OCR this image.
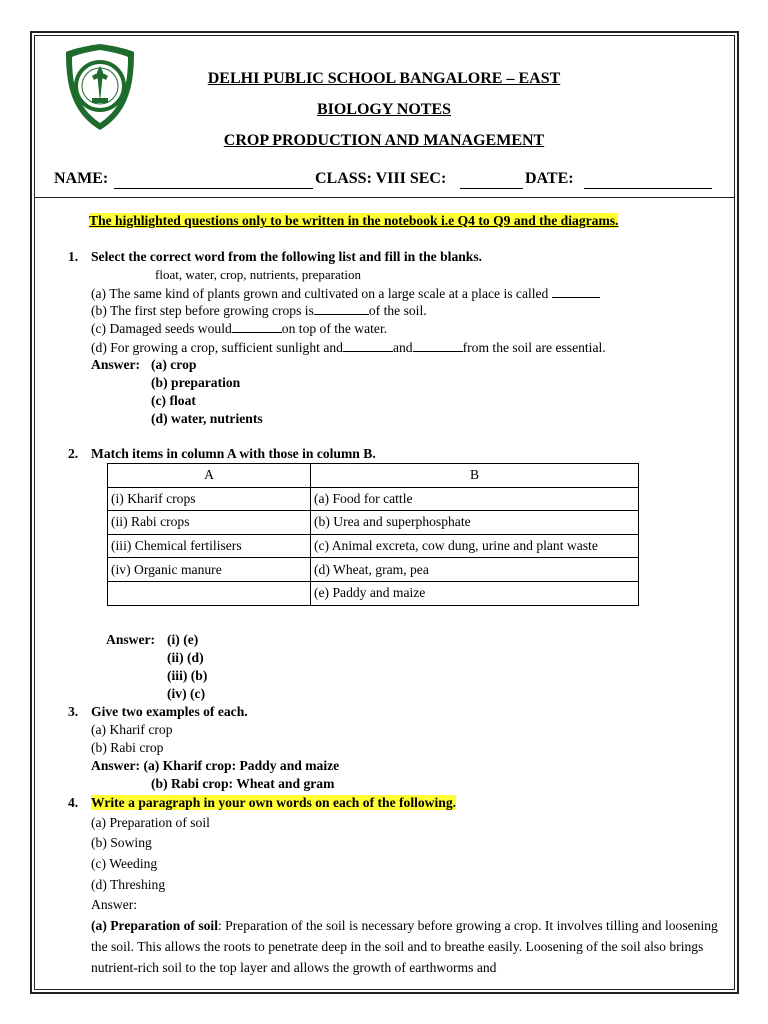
DELHI PUBLIC SCHOOL BANGALORE – EAST
BIOLOGY NOTES
CROP PRODUCTION AND MANAGEMENT
NAME:	CLASS: VIII SEC:	DATE:
The highlighted questions only to be written in the notebook i.e Q4 to Q9 and the diagrams.
1. Select the correct word from the following list and fill in the blanks.
float, water, crop, nutrients, preparation
(a) The same kind of plants grown and cultivated on a large scale at a place is called
(b) The first step before growing crops is	of the soil.
(c) Damaged seeds would	on top of the water.
(d) For growing a crop, sufficient sunlight and	and	from the soil are essential.
Answer: (a) crop
(b) preparation
(c) float
(d) water, nutrients
2. Match items in column A with those in column B.
A	B
(i) Kharif crops	(a) Food for cattle
(ii) Rabi crops	(b) Urea and superphosphate
(iii) Chemical fertilisers	(c) Animal excreta, cow dung, urine and plant waste
(iv) Organic manure	(d) Wheat, gram, pea
	(e) Paddy and maize
Answer: (i) (e)
(ii) (d)
(iii) (b)
(iv) (c)
3. Give two examples of each.
(a) Kharif crop
(b) Rabi crop
Answer: (a) Kharif crop: Paddy and maize
(b) Rabi crop: Wheat and gram
4. Write a paragraph in your own words on each of the following.
(a) Preparation of soil
(b) Sowing
(c) Weeding
(d) Threshing
Answer:
(a) Preparation of soil: Preparation of the soil is necessary before growing a crop. It involves tilling and loosening the soil. This allows the roots to penetrate deep in the soil and to breathe easily. Loosening of the soil also brings nutrient-rich soil to the top layer and allows the growth of earthworms and
